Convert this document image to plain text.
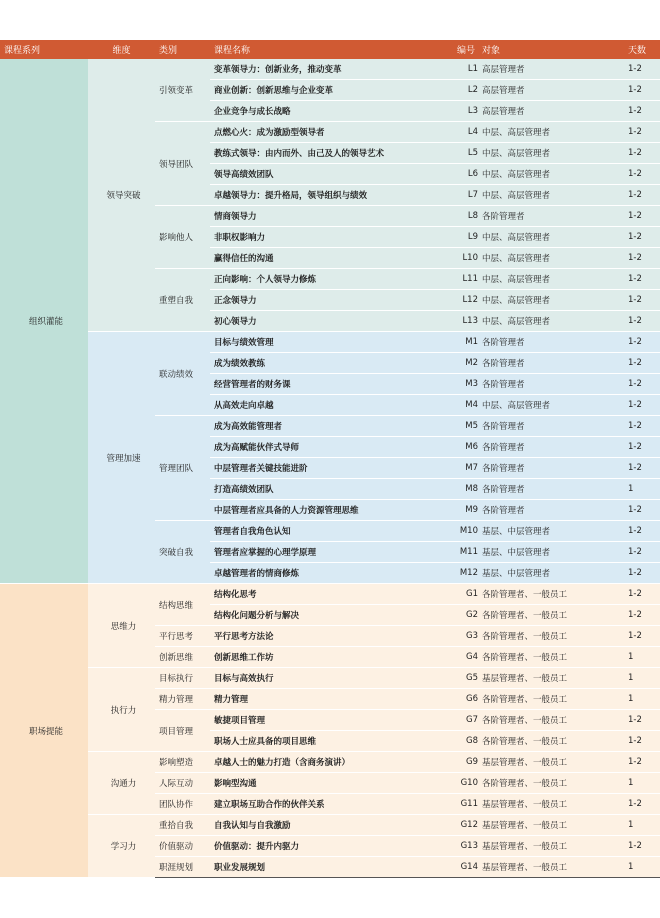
课程系列	维度	类别	课程名称	编号	对象	天数
组织灌能	领导突破	引领变革	变革领导力：创新业务，推动变革	L1	高层管理者	1-2
			商业创新：创新思维与企业变革	L2	高层管理者	1-2
			企业竞争与成长战略	L3	高层管理者	1-2
		领导团队	点燃心火：成为激励型领导者	L4	中层、高层管理者	1-2
			教练式领导：由内而外、由己及人的领导艺术	L5	中层、高层管理者	1-2
			领导高绩效团队	L6	中层、高层管理者	1-2
			卓越领导力：提升格局，领导组织与绩效	L7	中层、高层管理者	1-2
		影响他人	情商领导力	L8	各阶管理者	1-2
			非职权影响力	L9	中层、高层管理者	1-2
			赢得信任的沟通	L10	中层、高层管理者	1-2
		重塑自我	正向影响：个人领导力修炼	L11	中层、高层管理者	1-2
			正念领导力	L12	中层、高层管理者	1-2
			初心领导力	L13	中层、高层管理者	1-2
	管理加速	联动绩效	目标与绩效管理	M1	各阶管理者	1-2
			成为绩效教练	M2	各阶管理者	1-2
			经营管理者的财务课	M3	各阶管理者	1-2
			从高效走向卓越	M4	中层、高层管理者	1-2
		管理团队	成为高效能管理者	M5	各阶管理者	1-2
			成为高赋能伙伴式导师	M6	各阶管理者	1-2
			中层管理者关键技能进阶	M7	各阶管理者	1-2
			打造高绩效团队	M8	各阶管理者	1
			中层管理者应具备的人力资源管理思维	M9	各阶管理者	1-2
		突破自我	管理者自我角色认知	M10	基层、中层管理者	1-2
			管理者应掌握的心理学原理	M11	基层、中层管理者	1-2
			卓越管理者的情商修炼	M12	基层、中层管理者	1-2
职场提能	思维力	结构思维	结构化思考	G1	各阶管理者、一般员工	1-2
			结构化问题分析与解决	G2	各阶管理者、一般员工	1-2
		平行思考	平行思考方法论	G3	各阶管理者、一般员工	1-2
		创新思维	创新思维工作坊	G4	各阶管理者、一般员工	1
	执行力	目标执行	目标与高效执行	G5	基层管理者、一般员工	1
		精力管理	精力管理	G6	各阶管理者、一般员工	1
		项目管理	敏捷项目管理	G7	各阶管理者、一般员工	1-2
			职场人士应具备的项目思维	G8	各阶管理者、一般员工	1-2
	沟通力	影响塑造	卓越人士的魅力打造（含商务演讲）	G9	基层管理者、一般员工	1-2
		人际互动	影响型沟通	G10	各阶管理者、一般员工	1
		团队协作	建立职场互助合作的伙伴关系	G11	基层管理者、一般员工	1-2
	学习力	重拾自我	自我认知与自我激励	G12	基层管理者、一般员工	1
		价值驱动	价值驱动：提升内驱力	G13	基层管理者、一般员工	1-2
		职涯规划	职业发展规划	G14	基层管理者、一般员工	1
